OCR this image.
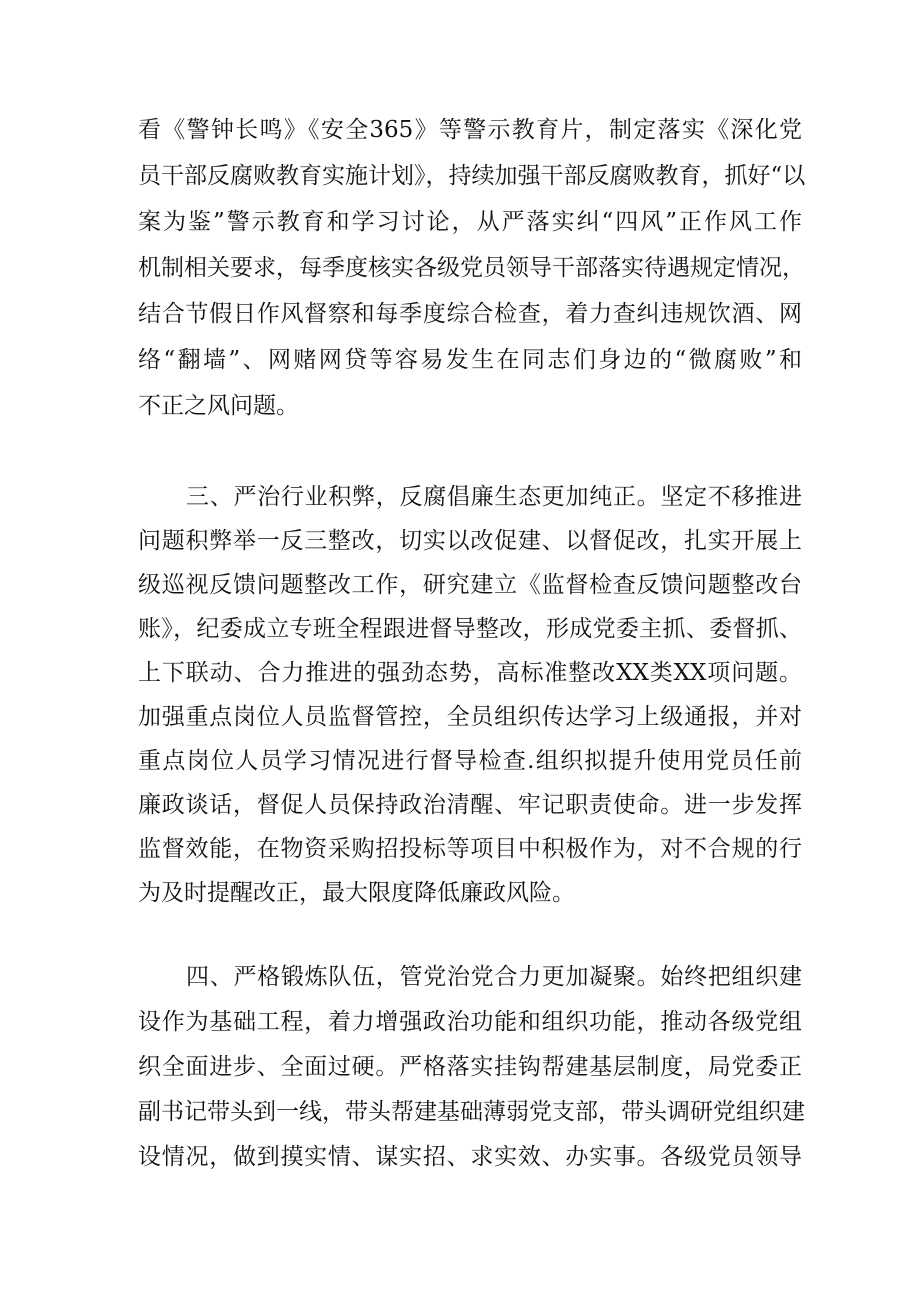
看《警钟长鸣》《安全365》等警示教育片，制定落实《深化党
员干部反腐败教育实施计划》，持续加强干部反腐败教育，抓好“以
案为鉴”警示教育和学习讨论，从严落实纠“四风”正作风工作
机制相关要求，每季度核实各级党员领导干部落实待遇规定情况，
结合节假日作风督察和每季度综合检查，着力查纠违规饮酒、网
络“翻墙”、网赌网贷等容易发生在同志们身边的“微腐败”和
不正之风问题。
三、严治行业积弊，反腐倡廉生态更加纯正。坚定不移推进
问题积弊举一反三整改，切实以改促建、以督促改，扎实开展上
级巡视反馈问题整改工作，研究建立《监督检查反馈问题整改台
账》，纪委成立专班全程跟进督导整改，形成党委主抓、委督抓、
上下联动、合力推进的强劲态势，高标准整改XX类XX项问题。
加强重点岗位人员监督管控，全员组织传达学习上级通报，并对
重点岗位人员学习情况进行督导检查.组织拟提升使用党员任前
廉政谈话，督促人员保持政治清醒、牢记职责使命。进一步发挥
监督效能，在物资采购招投标等项目中积极作为，对不合规的行
为及时提醒改正，最大限度降低廉政风险。
四、严格锻炼队伍，管党治党合力更加凝聚。始终把组织建
设作为基础工程，着力增强政治功能和组织功能，推动各级党组
织全面进步、全面过硬。严格落实挂钩帮建基层制度，局党委正
副书记带头到一线，带头帮建基础薄弱党支部，带头调研党组织建
设情况，做到摸实情、谋实招、求实效、办实事。各级党员领导
